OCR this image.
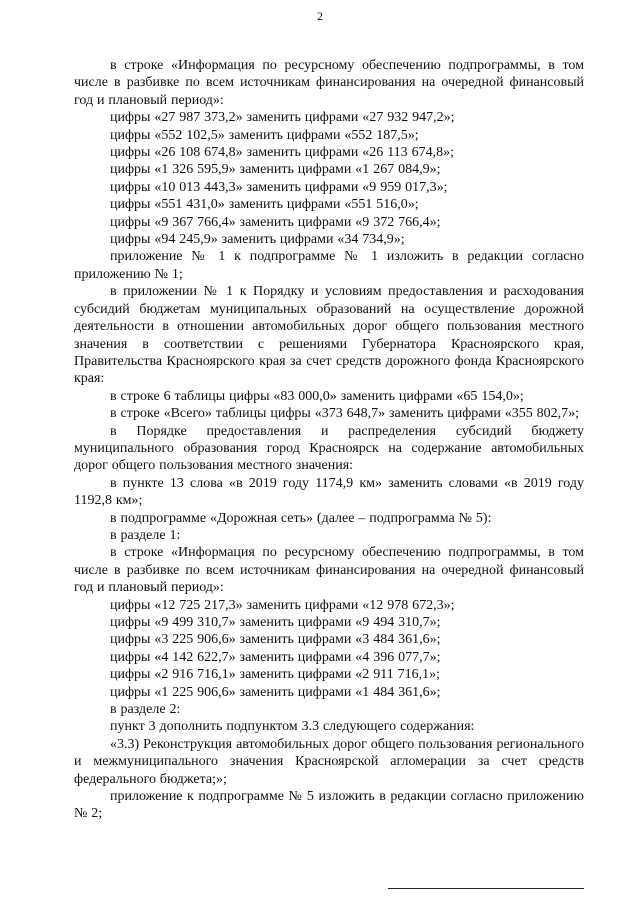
2

в строке «Информация по ресурсному обеспечению подпрограммы, в том числе в разбивке по всем источникам финансирования на очередной финансовый год и плановый период»:

цифры «27 987 373,2» заменить цифрами «27 932 947,2»;

цифры «552 102,5» заменить цифрами «552 187,5»;

цифры «26 108 674,8» заменить цифрами «26 113 674,8»;

цифры «1 326 595,9» заменить цифрами «1 267 084,9»;

цифры «10 013 443,3» заменить цифрами «9 959 017,3»;

цифры «551 431,0» заменить цифрами «551 516,0»;

цифры «9 367 766,4» заменить цифрами «9 372 766,4»;

цифры «94 245,9» заменить цифрами «34 734,9»;

приложение № 1 к подпрограмме № 1 изложить в редакции согласно приложению № 1;

в приложении № 1 к Порядку и условиям предоставления и расходования субсидий бюджетам муниципальных образований на осуществление дорожной деятельности в отношении автомобильных дорог общего пользования местного значения в соответствии с решениями Губернатора Красноярского края, Правительства Красноярского края за счет средств дорожного фонда Красноярского края:

в строке 6 таблицы цифры «83 000,0» заменить цифрами «65 154,0»;

в строке «Всего» таблицы цифры «373 648,7» заменить цифрами «355 802,7»;

в Порядке предоставления и распределения субсидий бюджету муниципального образования город Красноярск на содержание автомобильных дорог общего пользования местного значения:

в пункте 13 слова «в 2019 году 1174,9 км» заменить словами «в 2019 году 1192,8 км»;

в подпрограмме «Дорожная сеть» (далее – подпрограмма № 5):

в разделе 1:

в строке «Информация по ресурсному обеспечению подпрограммы, в том числе в разбивке по всем источникам финансирования на очередной финансовый год и плановый период»:

цифры «12 725 217,3» заменить цифрами «12 978 672,3»;

цифры «9 499 310,7» заменить цифрами «9 494 310,7»;

цифры «3 225 906,6» заменить цифрами «3 484 361,6»;

цифры «4 142 622,7» заменить цифрами «4 396 077,7»;

цифры «2 916 716,1» заменить цифрами «2 911 716,1»;

цифры «1 225 906,6» заменить цифрами «1 484 361,6»;

в разделе 2:

пункт 3 дополнить подпунктом 3.3 следующего содержания:

«3.3) Реконструкция автомобильных дорог общего пользования регионального и межмуниципального значения Красноярской агломерации за счет средств федерального бюджета;»;

приложение к подпрограмме № 5 изложить в редакции согласно приложению № 2;
